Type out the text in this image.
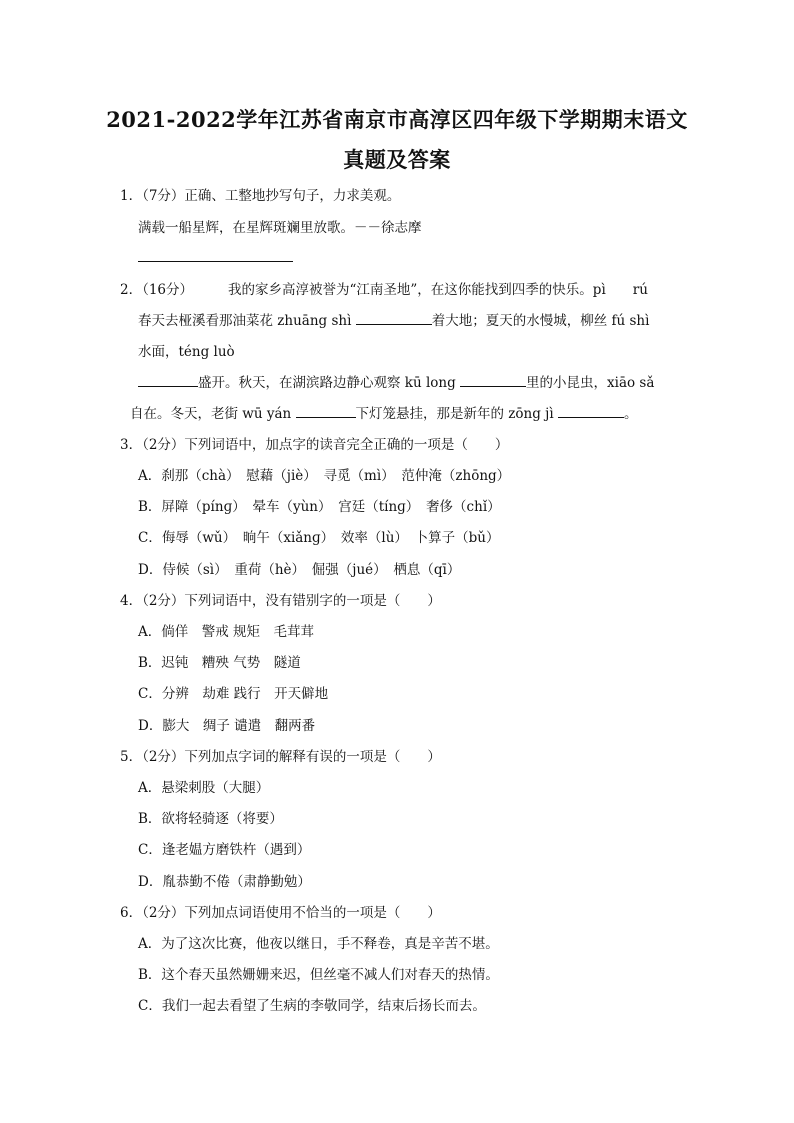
2021-2022学年江苏省南京市高淳区四年级下学期期末语文
真题及答案
1．（7分）正确、工整地抄写句子，力求美观。
满载一船星辉，在星辉斑斓里放歌。－－徐志摩
2．（16分）	我的家乡高淳被誉为“江南圣地”，在这你能找到四季的快乐。pì　　rú
春天去桠溪看那油菜花 zhuāng shì	着大地；夏天的水慢城，柳丝 fú shì
水面，téng luò
盛开。秋天，在湖滨路边静心观察 kū long	里的小昆虫，xiāo sǎ
自在。冬天，老街 wū yán	下灯笼悬挂，那是新年的 zōng jì	。
3．（2分）下列词语中，加点字的读音完全正确的一项是（　　）
A．刹那（chà）　慰藉（jiè）　寻觅（mì）　范仲淹（zhōng）
B．屏障（pínɡ）　晕车（yùn）　宫廷（tínɡ）　奢侈（chǐ）
C．侮辱（wǔ）　晌午（xiǎnɡ）　效率（lù）　卜算子（bǔ）
D．侍候（sì）　重荷（hè）　倔强（jué）　栖息（qī）
4．（2分）下列词语中，没有错别字的一项是（　　）
A．倘佯　警戒 规矩　毛茸茸
B．迟钝　糟殃 气势　隧道
C．分辨　劫难 践行　开天僻地
D．膨大　绸子 谴遣　翻两番
5．（2分）下列加点字词的解释有误的一项是（　　）
A．悬梁刺股（大腿）
B．欲将轻骑逐（将要）
C．逢老媪方磨铁杵（遇到）
D．胤恭勤不倦（肃静勤勉）
6．（2分）下列加点词语使用不恰当的一项是（　　）
A．为了这次比赛，他夜以继日，手不释卷，真是辛苦不堪。
B．这个春天虽然姗姗来迟，但丝毫不减人们对春天的热情。
C．我们一起去看望了生病的李敬同学，结束后扬长而去。
